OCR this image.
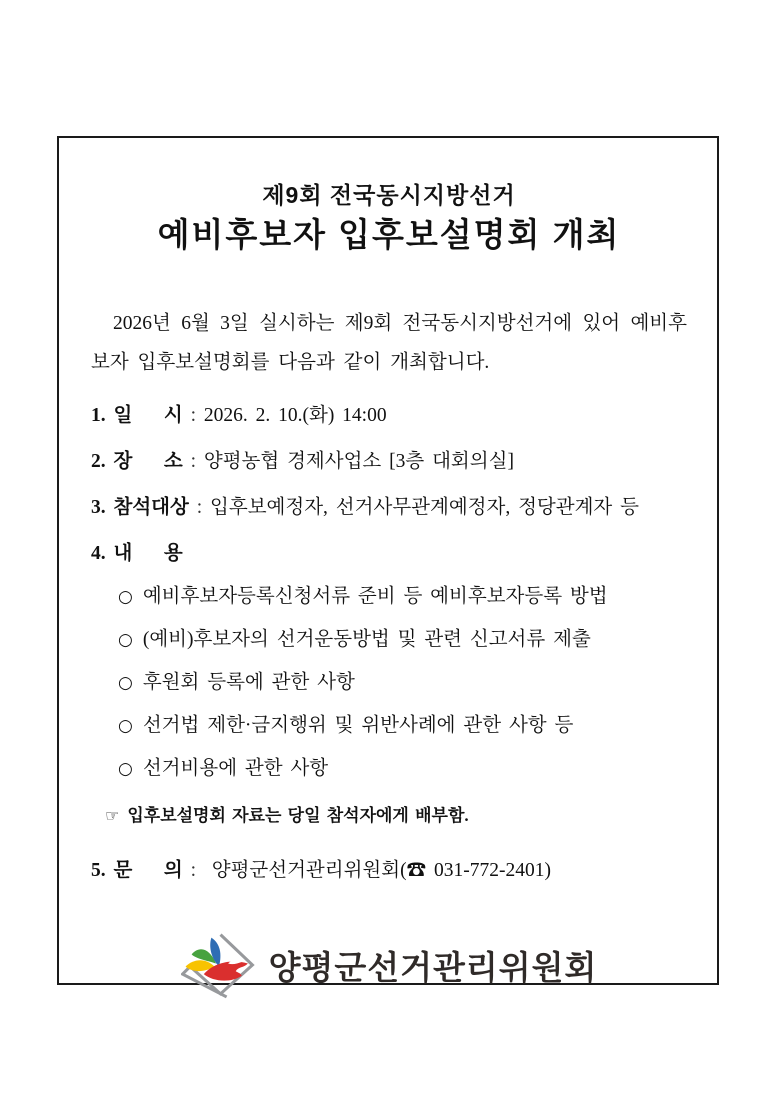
제9회 전국동시지방선거
예비후보자 입후보설명회 개최

2026년 6월 3일 실시하는 제9회 전국동시지방선거에 있어 예비후보자 입후보설명회를 다음과 같이 개최합니다.

1. 일    시 : 2026. 2. 10.(화) 14:00
2. 장    소 : 양평농협 경제사업소 [3층 대회의실]
3. 참석대상 : 입후보예정자, 선거사무관계예정자, 정당관계자 등
4. 내    용
○ 예비후보자등록신청서류 준비 등 예비후보자등록 방법
○ (예비)후보자의 선거운동방법 및 관련 신고서류 제출
○ 후원회 등록에 관한 사항
○ 선거법 제한·금지행위 및 위반사례에 관한 사항 등
○ 선거비용에 관한 사항
☞ 입후보설명회 자료는 당일 참석자에게 배부함.
5. 문    의 :  양평군선거관리위원회(☎ 031-772-2401)
양평군선거관리위원회
